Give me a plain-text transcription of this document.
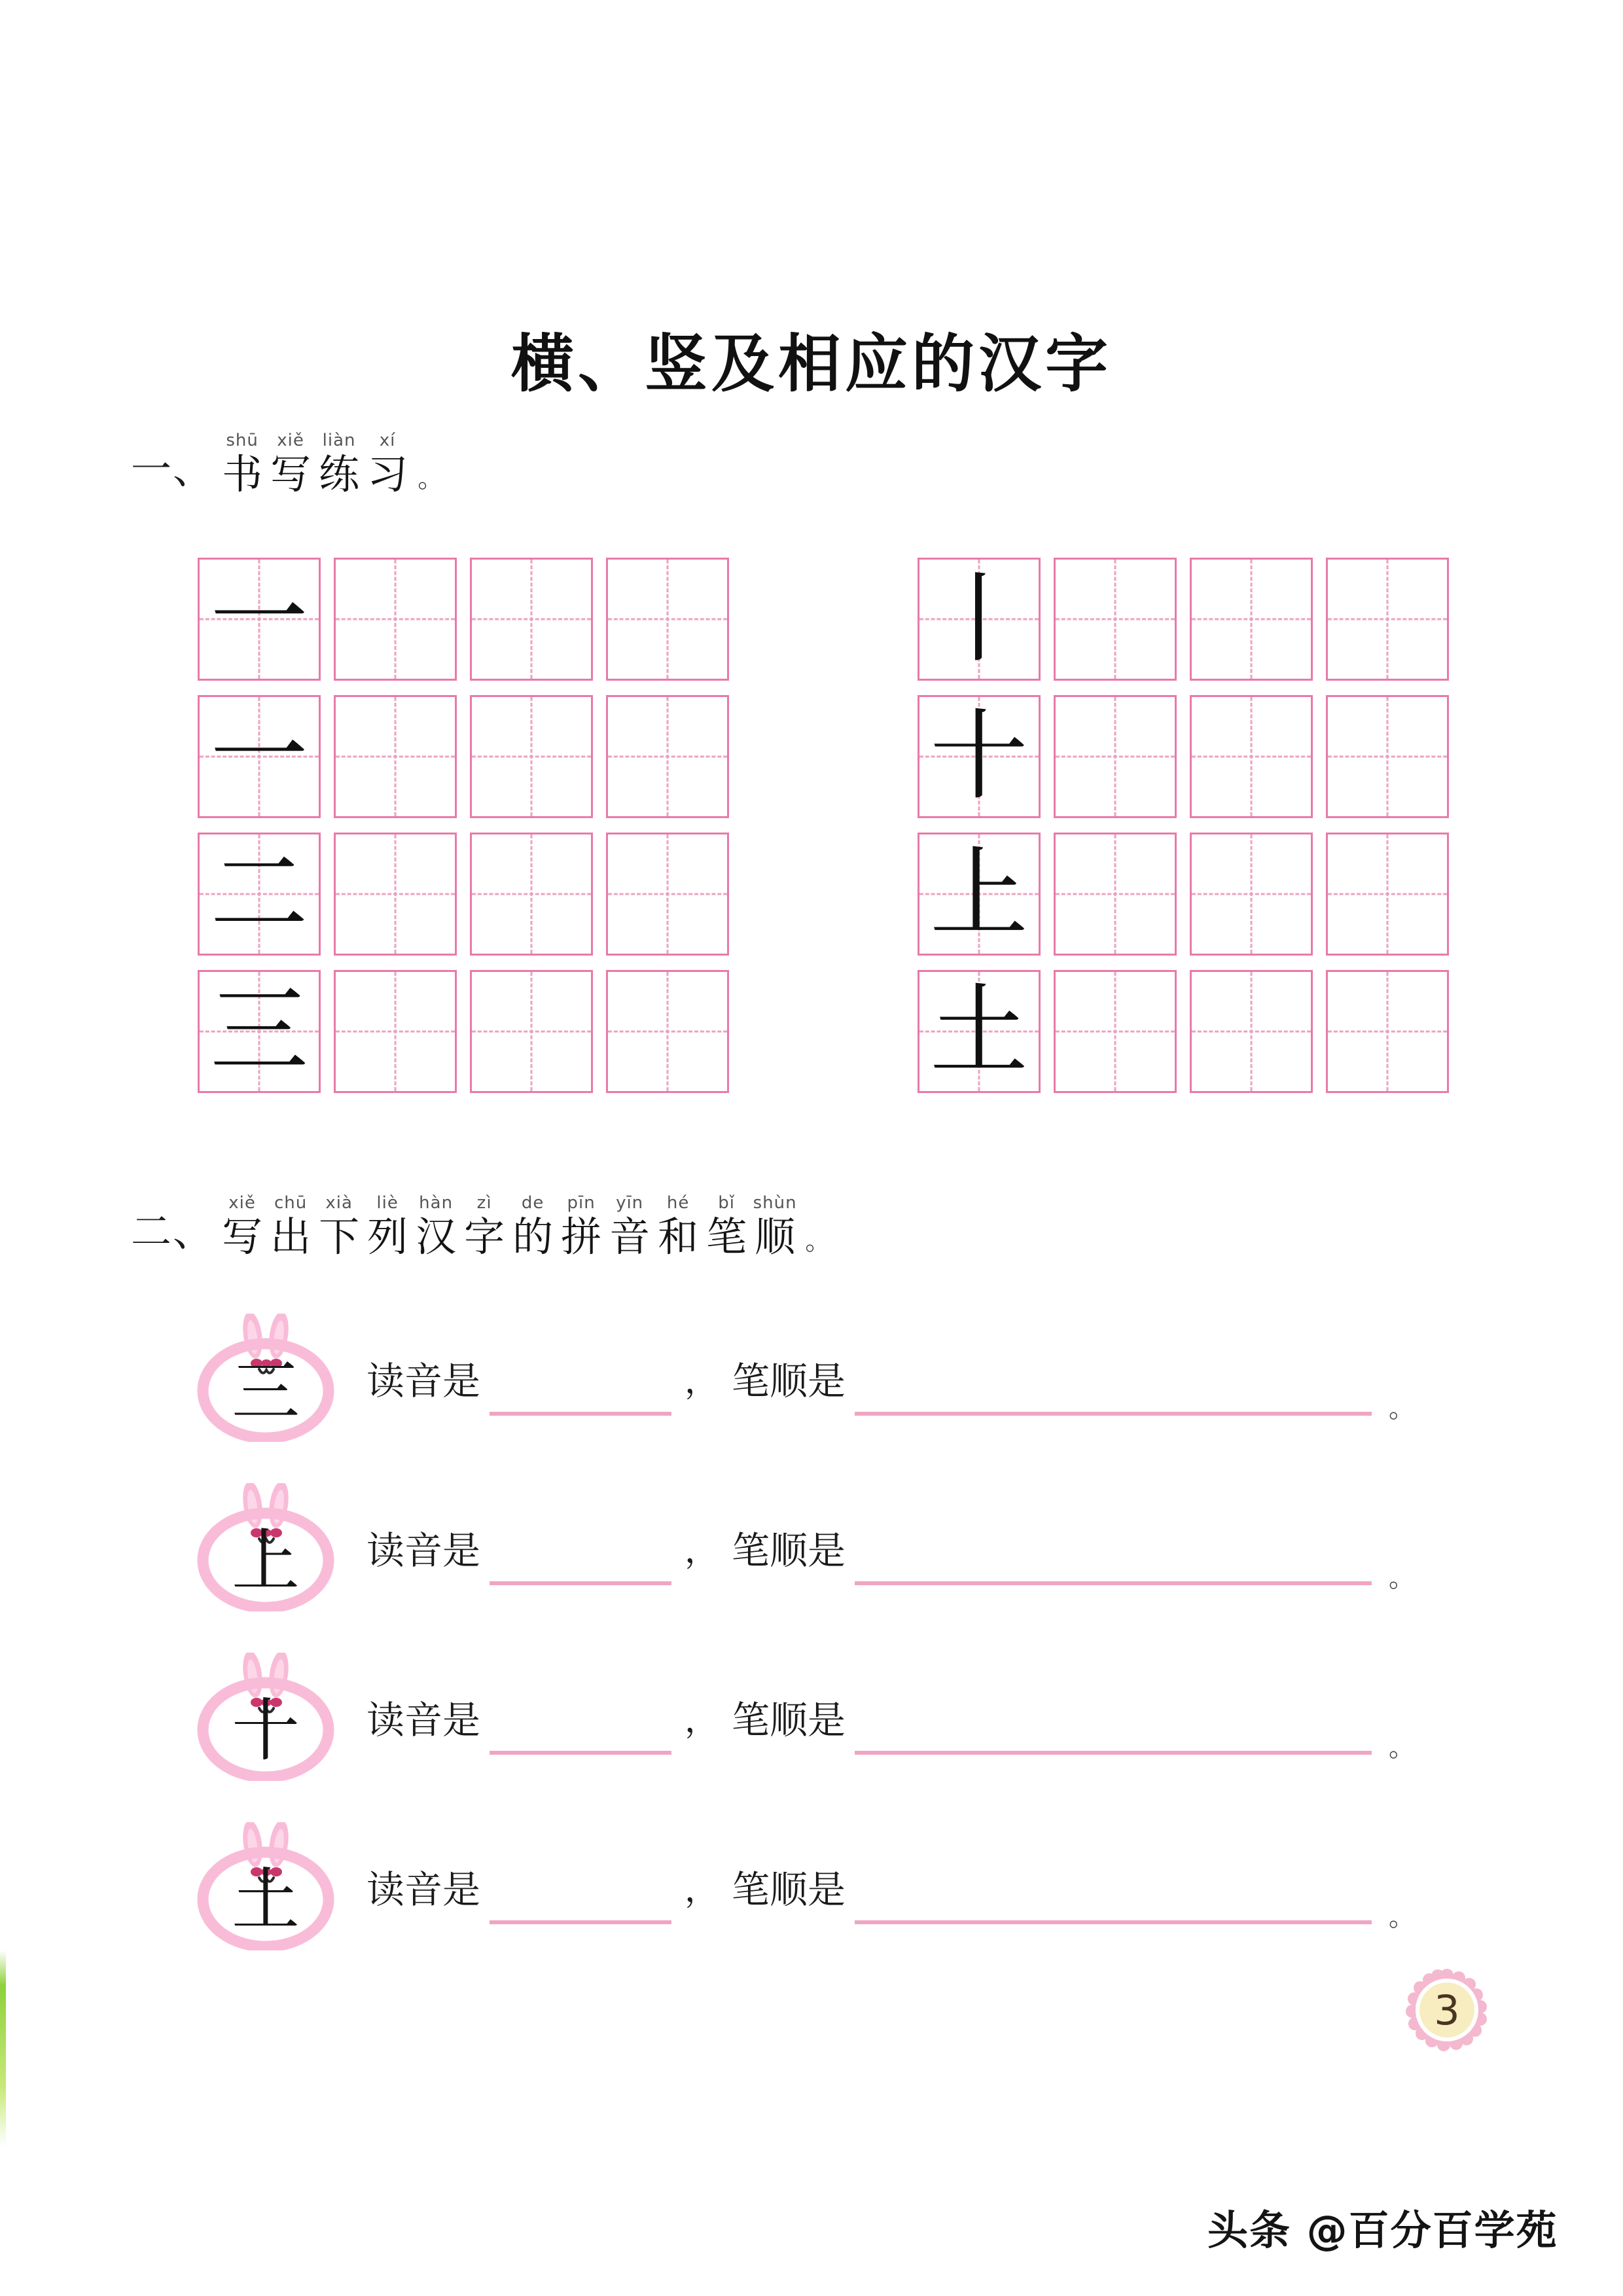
横、竖及相应的汉字
一、
shū
书
xiě
写
liàn
练
xí
习 。
一
一
二
三
丨
十
上
土
二、
xiě
写
chū
出
xià
下
liè
列
hàn
汉
zì
字
de
的
pīn
拼
yīn
音
hé
和
bǐ
笔
shùn
顺 。
三	读音是	， 笔顺是
。
上	读音是	， 笔顺是
。
十	读音是	， 笔顺是
。
土	读音是	， 笔顺是
。
3
头条 @百分百学苑
